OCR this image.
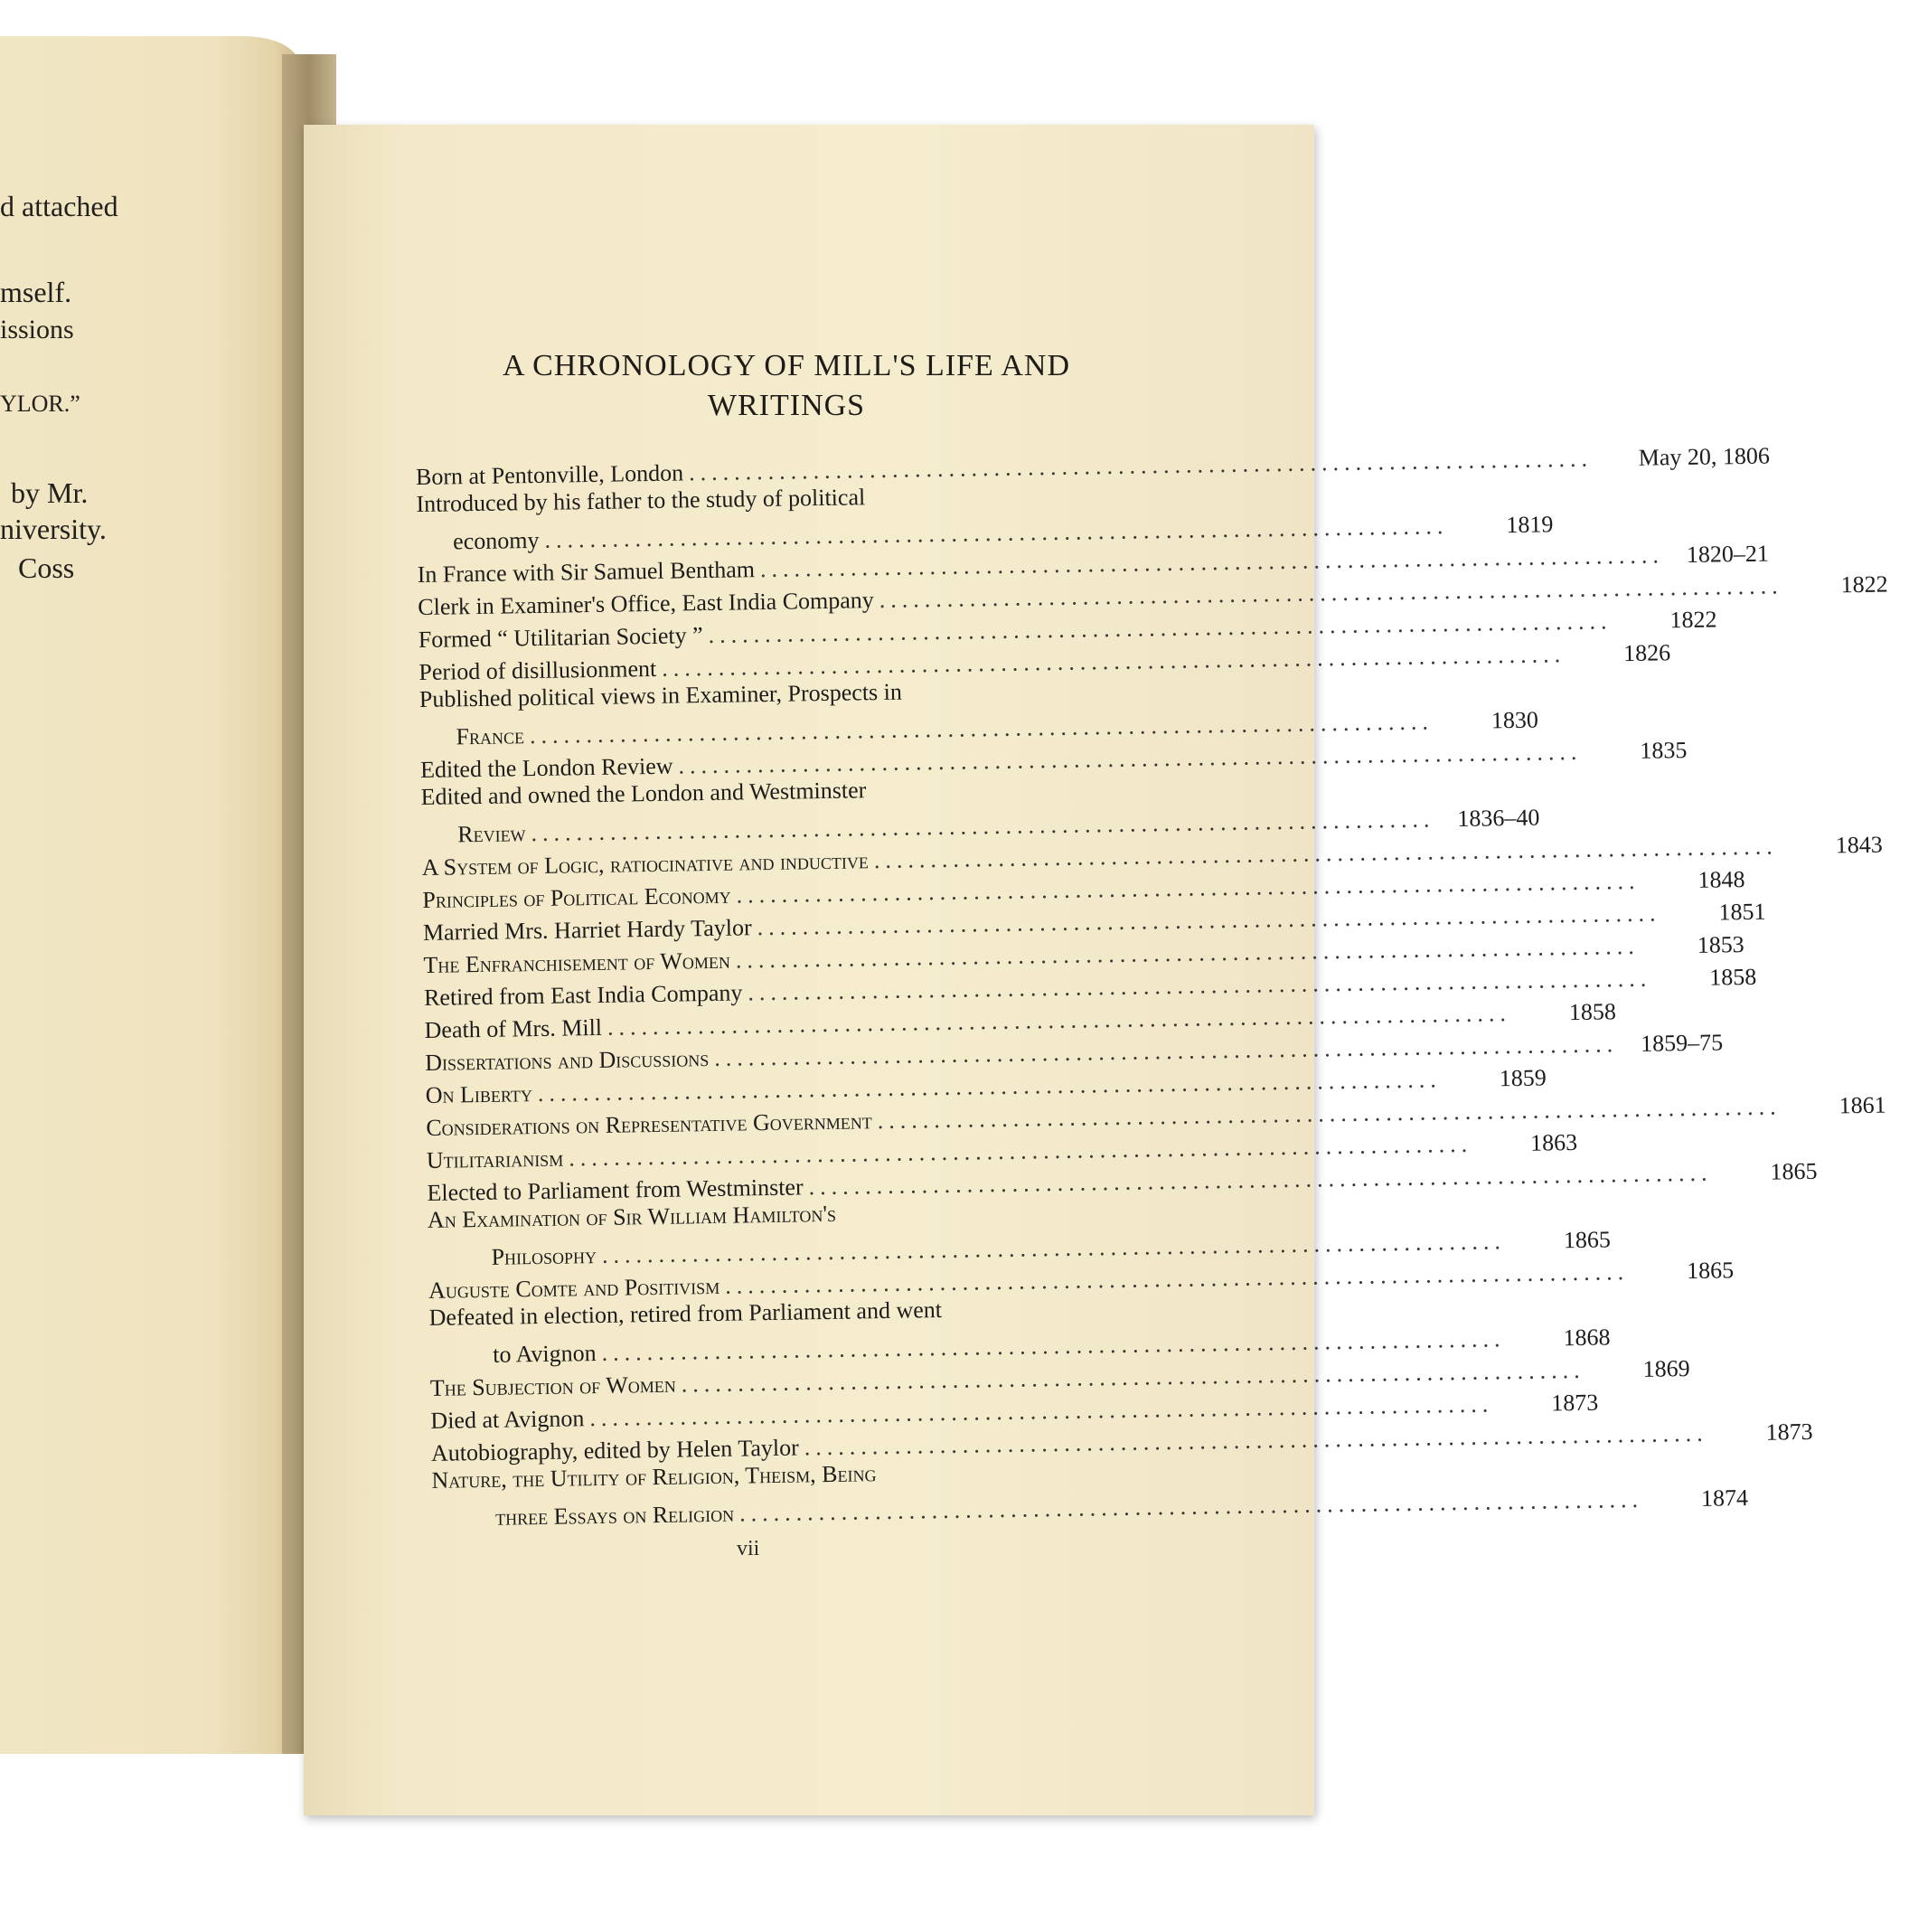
d attached
mself.
issions
YLOR.”
by Mr.
niversity.
Coss
A CHRONOLOGY OF MILL'S LIFE AND
WRITINGS
Born at Pentonville, London ................................................................................	May 20, 1806
Introduced by his father to the study of political
economy ................................................................................	1819
In France with Sir Samuel Bentham ................................................................................ 1820–21
Clerk in Examiner's Office, East India Company ................................................................................	1822
Formed “ Utilitarian Society ” ................................................................................	1822
Period of disillusionment ................................................................................	1826
Published political views in Examiner, Prospects in
France ................................................................................	1830
Edited the London Review ................................................................................	1835
Edited and owned the London and Westminster
Review ................................................................................ 1836–40
A System of Logic, ratiocinative and inductive ................................................................................	1843
Principles of Political Economy ................................................................................	1848
Married Mrs. Harriet Hardy Taylor ................................................................................	1851
The Enfranchisement of Women ................................................................................	1853
Retired from East India Company ................................................................................	1858
Death of Mrs. Mill ................................................................................	1858
Dissertations and Discussions ................................................................................ 1859–75
On Liberty ................................................................................	1859
Considerations on Representative Government ................................................................................	1861
Utilitarianism ................................................................................	1863
Elected to Parliament from Westminster ................................................................................	1865
An Examination of Sir William Hamilton's
Philosophy ................................................................................	1865
Auguste Comte and Positivism ................................................................................	1865
Defeated in election, retired from Parliament and went
to Avignon ................................................................................	1868
The Subjection of Women ................................................................................	1869
Died at Avignon ................................................................................	1873
Autobiography, edited by Helen Taylor ................................................................................	1873
Nature, the Utility of Religion, Theism, Being
three Essays on Religion ................................................................................	1874
vii
